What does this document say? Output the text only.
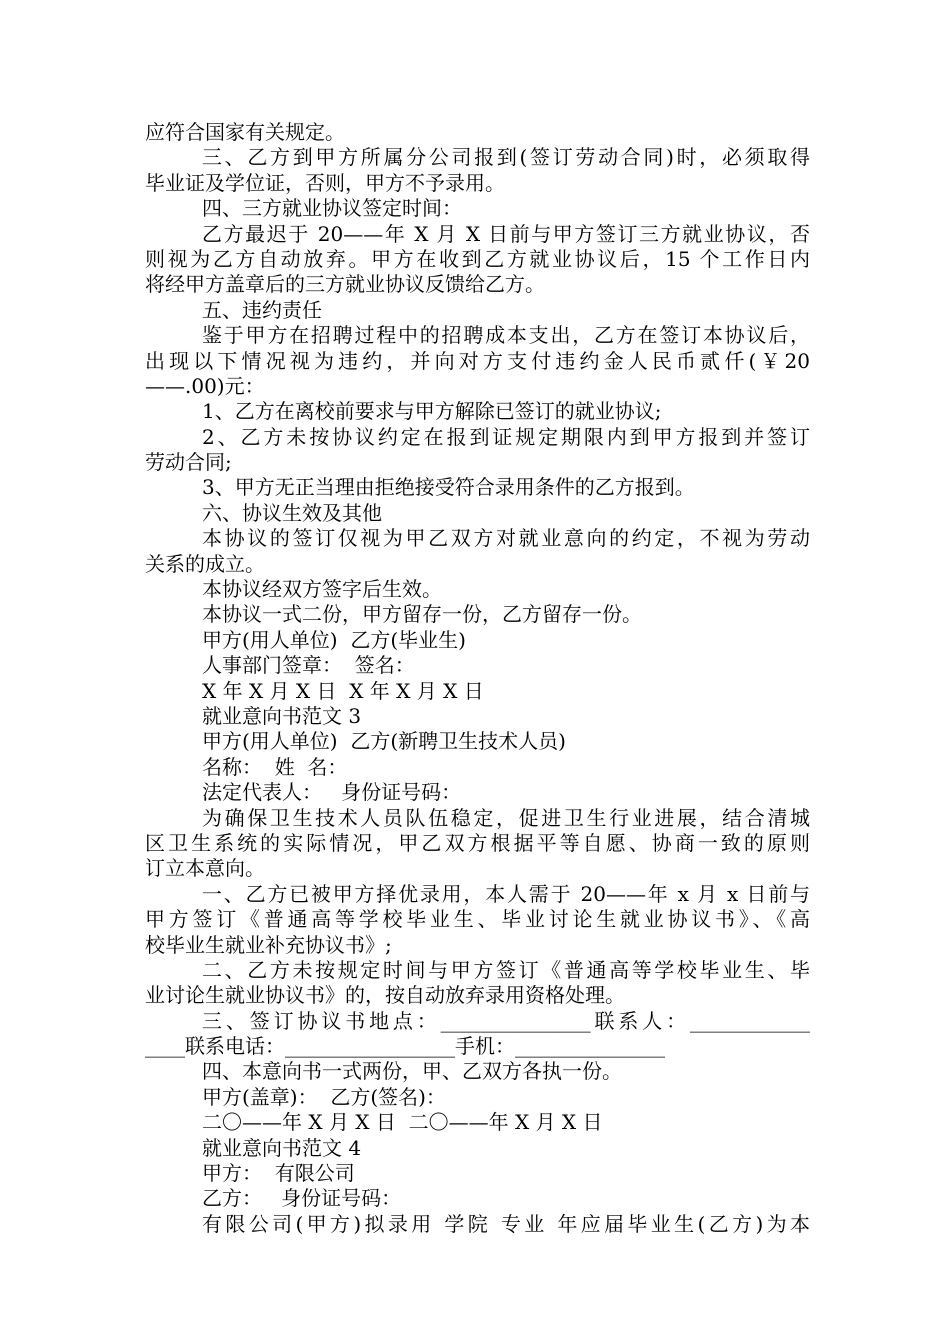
应符合国家有关规定。
三、乙方到甲方所属分公司报到(签订劳动合同)时，必须取得
毕业证及学位证，否则，甲方不予录用。
四、三方就业协议签定时间：
乙方最迟于 20——年 X 月 X 日前与甲方签订三方就业协议，否
则视为乙方自动放弃。甲方在收到乙方就业协议后，15 个工作日内
将经甲方盖章后的三方就业协议反馈给乙方。
五、违约责任
鉴于甲方在招聘过程中的招聘成本支出，乙方在签订本协议后，
出现以下情况视为违约，并向对方支付违约金人民币贰仟(￥20
——.00)元：
1、乙方在离校前要求与甲方解除已签订的就业协议;
2、乙方未按协议约定在报到证规定期限内到甲方报到并签订
劳动合同;
3、甲方无正当理由拒绝接受符合录用条件的乙方报到。
六、协议生效及其他
本协议的签订仅视为甲乙双方对就业意向的约定，不视为劳动
关系的成立。
本协议经双方签字后生效。
本协议一式二份，甲方留存一份，乙方留存一份。
甲方(用人单位)  乙方(毕业生)
人事部门签章：  签名：
X 年 X 月 X 日  X 年 X 月 X 日
就业意向书范文 3
甲方(用人单位)  乙方(新聘卫生技术人员)
名称：  姓  名：
法定代表人：   身份证号码：
为确保卫生技术人员队伍稳定，促进卫生行业进展，结合清城
区卫生系统的实际情况，甲乙双方根据平等自愿、协商一致的原则
订立本意向。
一、乙方已被甲方择优录用，本人需于 20——年 x 月 x 日前与
甲方签订《普通高等学校毕业生、毕业讨论生就业协议书》、《高
校毕业生就业补充协议书》;
二、乙方未按规定时间与甲方签订《普通高等学校毕业生、毕
业讨论生就业协议书》的，按自动放弃录用资格处理。
三、签订协议书地点：_______________联系人：____________
____联系电话：_________________手机：_______________
四、本意向书一式两份，甲、乙双方各执一份。
甲方(盖章)：  乙方(签名)：
二〇——年 X 月 X 日  二〇——年 X 月 X 日
就业意向书范文 4
甲方：  有限公司
乙方：   身份证号码：
有限公司(甲方)拟录用 学院 专业 年应届毕业生(乙方)为本
